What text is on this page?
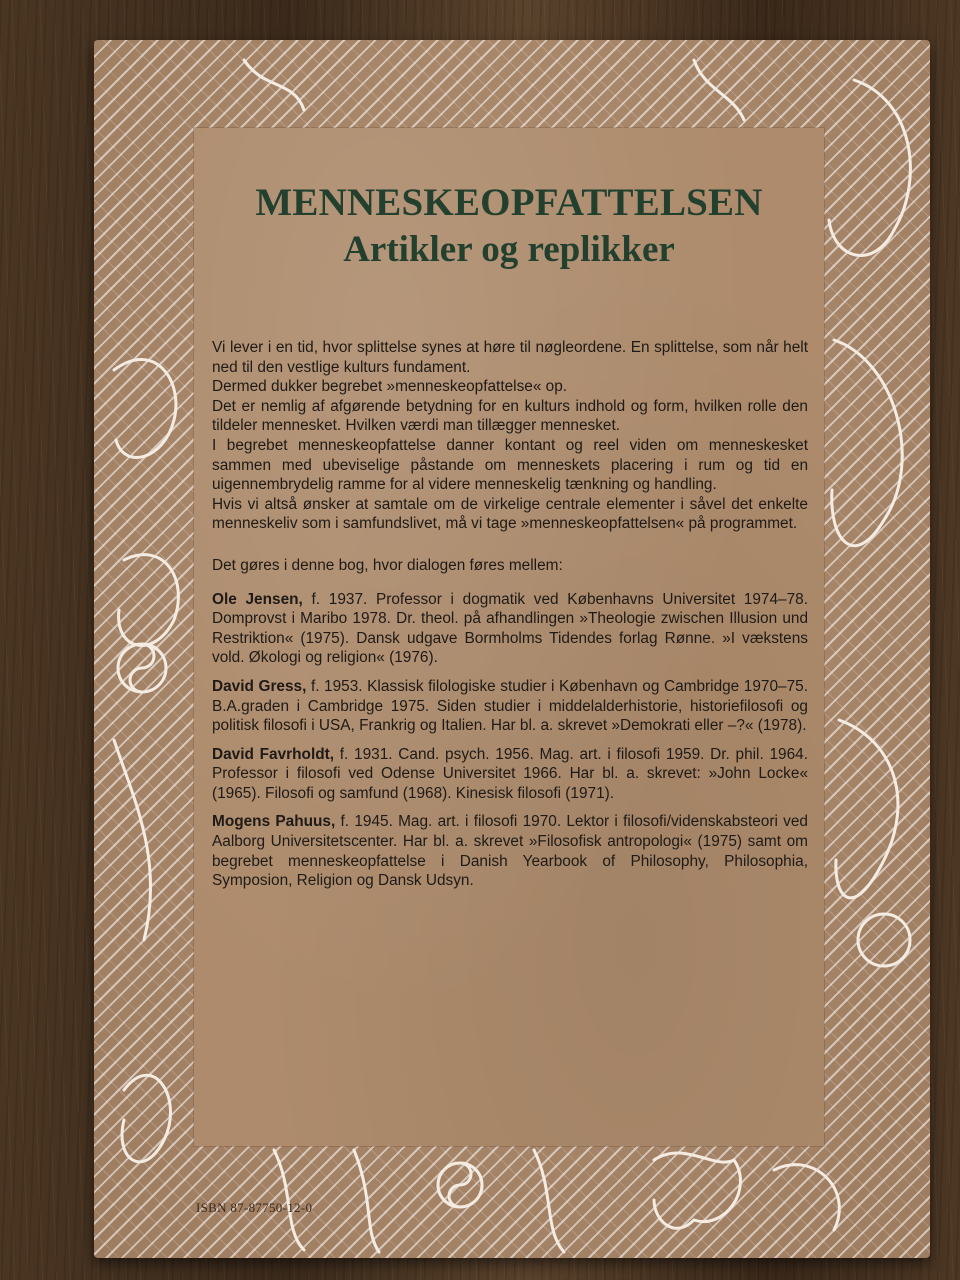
MENNESKEOPFATTELSEN
Artikler og replikker

Vi lever i en tid, hvor splittelse synes at høre til nøgleordene. En splittelse, som når helt ned til den vestlige kulturs fundament.

Dermed dukker begrebet »menneskeopfattelse« op.

Det er nemlig af afgørende betydning for en kulturs indhold og form, hvilken rolle den tildeler mennesket. Hvilken værdi man tillægger mennesket.

I begrebet menneskeopfattelse danner kontant og reel viden om menneskesket sammen med ubeviselige påstande om menneskets placering i rum og tid en uigennembrydelig ramme for al videre menneskelig tænkning og handling.

Hvis vi altså ønsker at samtale om de virkelige centrale elementer i såvel det enkelte menneskeliv som i samfundslivet, må vi tage »menneskeopfattelsen« på programmet.

Det gøres i denne bog, hvor dialogen føres mellem:

Ole Jensen, f. 1937. Professor i dogmatik ved Københavns Universitet 1974–78. Domprovst i Maribo 1978. Dr. theol. på afhandlingen »Theologie zwischen Illusion und Restriktion« (1975). Dansk udgave Bormholms Tidendes forlag Rønne. »I vækstens vold. Økologi og religion« (1976).

David Gress, f. 1953. Klassisk filologiske studier i København og Cambridge 1970–75. B.A.graden i Cambridge 1975. Siden studier i middelalderhistorie, historiefilosofi og politisk filosofi i USA, Frankrig og Italien. Har bl. a. skrevet »Demokrati eller –?« (1978).

David Favrholdt, f. 1931. Cand. psych. 1956. Mag. art. i filosofi 1959. Dr. phil. 1964. Professor i filosofi ved Odense Universitet 1966. Har bl. a. skrevet: »John Locke« (1965). Filosofi og samfund (1968). Kinesisk filosofi (1971).

Mogens Pahuus, f. 1945. Mag. art. i filosofi 1970. Lektor i filosofi/videnskabsteori ved Aalborg Universitetscenter. Har bl. a. skrevet »Filosofisk antropologi« (1975) samt om begrebet menneskeopfattelse i Danish Yearbook of Philosophy, Philosophia, Symposion, Religion og Dansk Udsyn.

ISBN 87-87750-12-0
